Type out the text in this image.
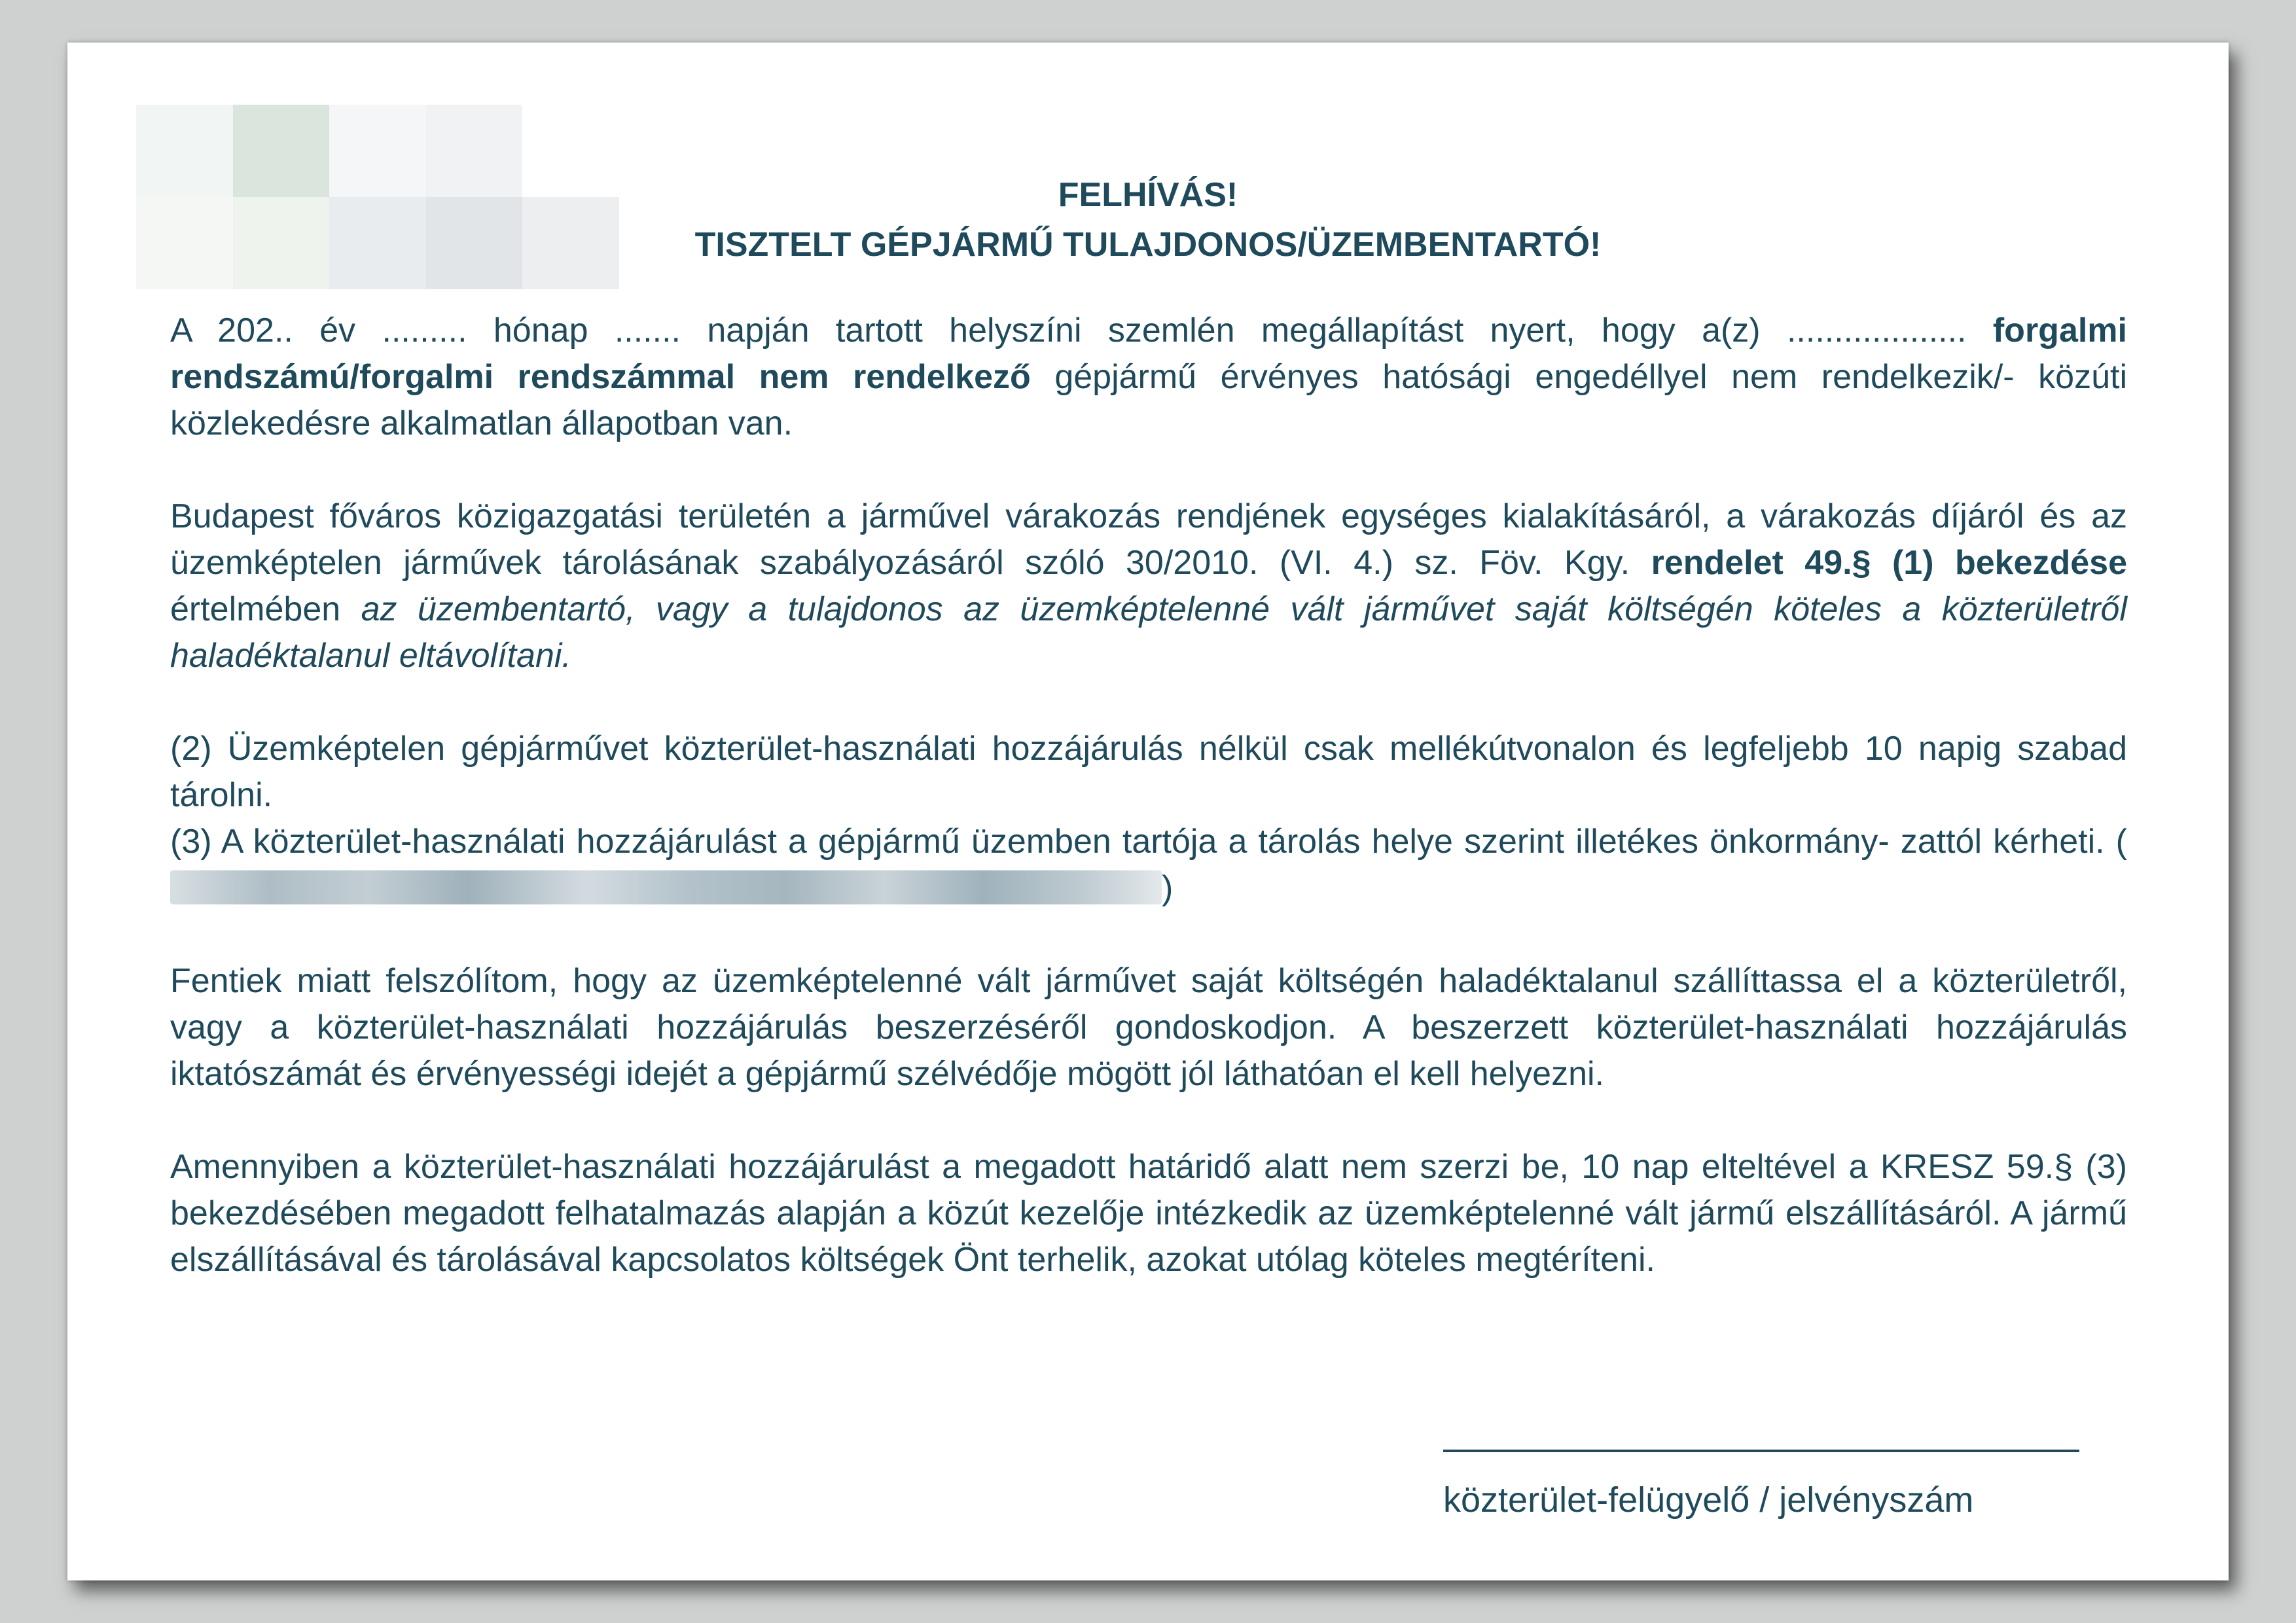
FELHÍVÁS!
TISZTELT GÉPJÁRMŰ TULAJDONOS/ÜZEMBENTARTÓ!

A 202.. év ......... hónap ....... napján tartott helyszíni szemlén megállapítást nyert, hogy a(z) ................... forgalmi rendszámú/forgalmi rendszámmal nem rendelkező gépjármű érvényes hatósági engedéllyel nem rendelkezik/- közúti közlekedésre alkalmatlan állapotban van.

Budapest főváros közigazgatási területén a járművel várakozás rendjének egységes kialakításáról, a várakozás díjáról és az üzemképtelen járművek tárolásának szabályozásáról szóló 30/2010. (VI. 4.) sz. Föv. Kgy. rendelet 49.§ (1) bekezdése értelmében az üzembentartó, vagy a tulajdonos az üzemképtelenné vált járművet saját költségén köteles a közterületről haladéktalanul eltávolítani.

(2) Üzemképtelen gépjárművet közterület-használati hozzájárulás nélkül csak mellékútvonalon és legfeljebb 10 napig szabad tárolni.

(3) A közterület-használati hozzájárulást a gépjármű üzemben tartója a tárolás helye szerint illetékes önkormány- zattól kérheti. ()

Fentiek miatt felszólítom, hogy az üzemképtelenné vált járművet saját költségén haladéktalanul szállíttassa el a közterületről, vagy a közterület-használati hozzájárulás beszerzéséről gondoskodjon. A beszerzett közterület-használati hozzájárulás iktatószámát és érvényességi idejét a gépjármű szélvédője mögött jól láthatóan el kell helyezni.

Amennyiben a közterület-használati hozzájárulást a megadott határidő alatt nem szerzi be, 10 nap elteltével a KRESZ 59.§ (3) bekezdésében megadott felhatalmazás alapján a közút kezelője intézkedik az üzemképtelenné vált jármű elszállításáról. A jármű elszállításával és tárolásával kapcsolatos költségek Önt terhelik, azokat utólag köteles megtéríteni.

közterület-felügyelő / jelvényszám
